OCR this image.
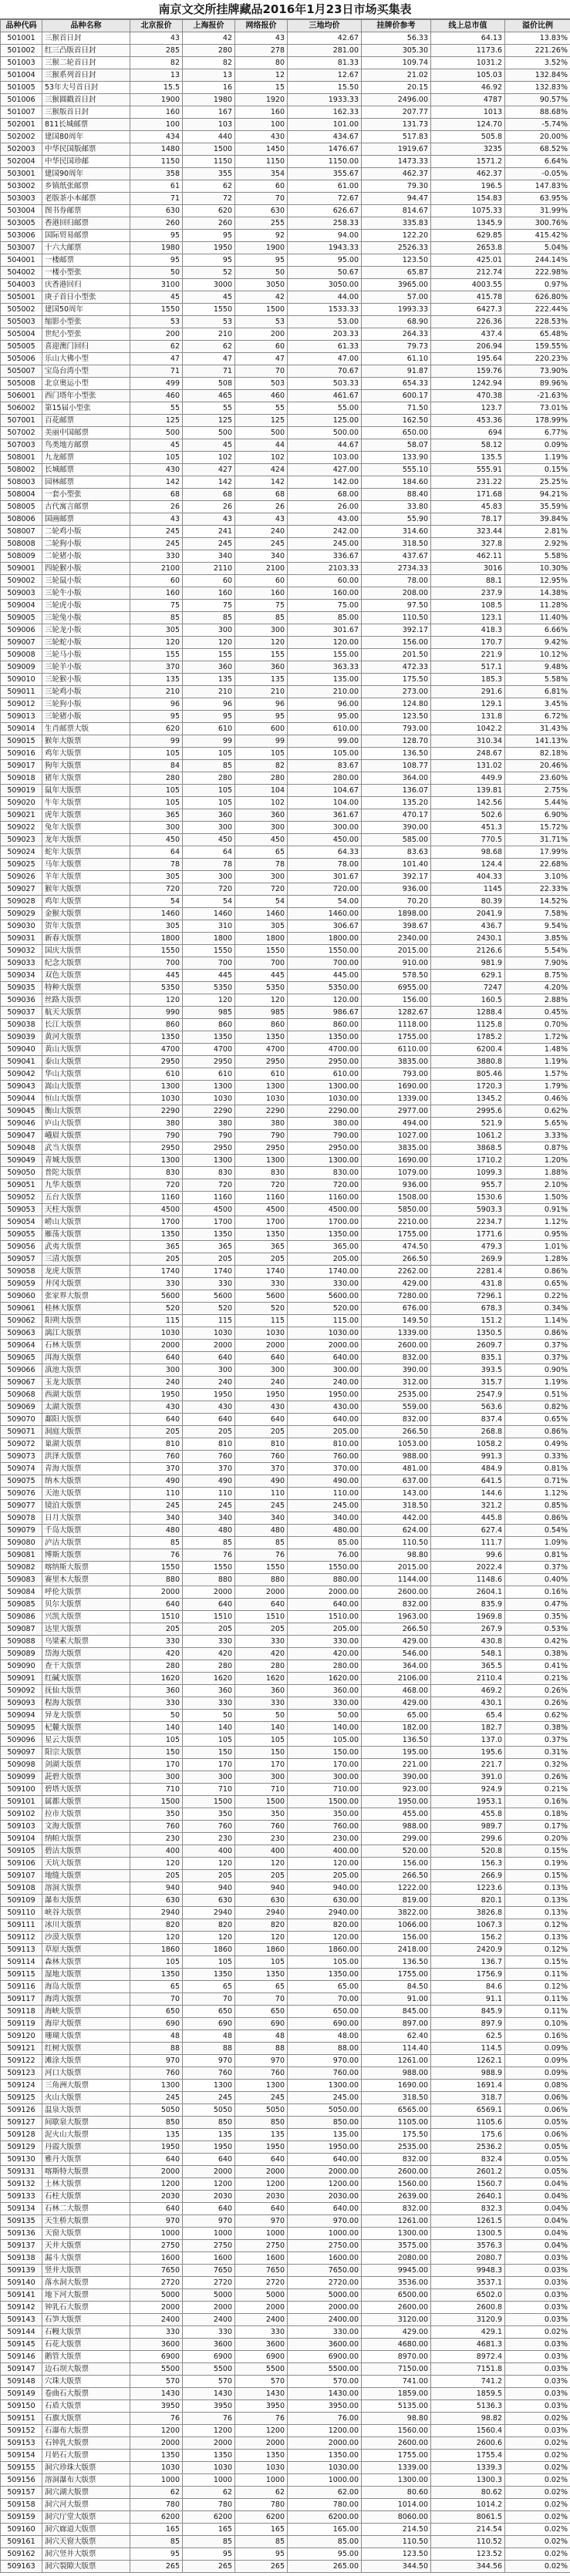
南京文交所挂牌藏品2016年1月23日市场买集表
品种代码	品种名称	北京报价	上海报价	网络报价	三地均价	挂牌价参考	线上总市值	溢价比例
501001	三猴首日封	43	42	43	42.67	56.33	64.13	13.83%
501002	红三凸版首日封	285	280	278	281.00	305.30	1173.6	221.26%
501003	三猴二轮首日封	82	82	80	81.33	109.74	1031.2	3.52%
501004	三猴系列首日封	13	13	12	12.67	21.02	105.03	132.84%
501005	53年大号首日封	15.5	16	15	15.50	20.15	46.92	132.83%
501006	三猴圆戳首日封	1900	1980	1920	1933.33	2496.00	4787	90.57%
501007	三猴版首日封	160	167	160	162.33	207.77	1013	88.68%
502001	811长城邮票	100	103	100	101.00	131.73	124.70	-5.74%
502002	建国80周年	434	440	430	434.67	517.83	505.8	20.00%
502003	中华民国版邮票	1480	1500	1450	1476.67	1919.67	3235	68.52%
502004	中华民国珍邮	1150	1150	1150	1150.00	1473.33	1571.2	6.64%
503001	建国90周年	358	355	354	355.67	462.37	462.37	-0.05%
503002	乡镇纸张邮票	61	62	60	61.00	79.30	196.5	147.83%
503003	老版茶小本邮票	71	72	70	72.67	94.47	154.83	63.95%
503004	图书券邮票	630	620	630	626.67	814.67	1075.33	31.99%
503005	香港回归邮票	260	260	255	258.33	335.83	1345.9	300.76%
503006	国际贸易邮票	95	95	92	94.00	122.20	629.85	415.42%
503007	十六大邮票	1980	1950	1900	1943.33	2526.33	2653.8	5.04%
504001	一楼邮票	95	95	95	95.00	123.50	425.01	244.14%
504002	一楼小型张	50	52	50	50.67	65.87	212.74	222.98%
504003	庆香港回归	3100	3000	3050	3050.00	3965.00	4003.55	0.97%
505001	庚子首日小型张	45	45	42	44.00	57.00	415.78	626.80%
505002	建国50周年	1550	1550	1500	1533.33	1993.33	6427.3	222.44%
505003	缩影小型张	53	53	53	53.00	68.90	226.36	228.53%
505004	世纪小型张	200	210	200	203.33	264.33	437.4	65.48%
505005	喜迎澳门回归	62	62	60	61.33	79.73	206.94	159.55%
505006	乐山大佛小型	47	47	47	47.00	61.10	195.64	220.23%
505007	宝岛台湾小型	71	71	70	70.67	91.87	159.76	73.90%
505008	北京奥运小型	499	508	503	503.33	654.33	1242.94	89.96%
506001	西门塔年小型张	460	465	460	461.67	600.17	470.38	-21.63%
506002	第15届小型张	55	55	55	55.00	71.50	123.7	73.01%
507001	百花邮票	125	125	125	125.00	162.50	453.36	178.99%
507002	美丽中国邮票	500	500	500	500.00	650.00	694	6.77%
507003	鸟类地方邮票	45	45	44	44.67	58.07	58.12	0.09%
508001	九龙邮票	105	102	102	103.00	133.90	135.5	1.19%
508002	长城邮票	430	427	424	427.00	555.10	555.91	0.15%
508003	园林邮票	142	142	142	142.00	184.60	231.22	25.25%
508004	一套小型张	68	68	68	68.00	88.40	171.68	94.21%
508005	古代寓言邮票	26	26	26	26.00	33.80	45.83	35.59%
508006	国画邮票	43	43	43	43.00	55.90	78.17	39.84%
508007	二轮鸡小版	245	241	240	242.00	314.60	323.44	2.81%
508008	二轮狗小版	245	245	245	245.00	318.50	327.8	2.92%
508009	二轮猪小版	330	340	340	336.67	437.67	462.11	5.58%
509001	四轮猴小版	2100	2110	2100	2103.33	2734.33	3016	10.30%
509002	三轮鼠小版	60	60	60	60.00	78.00	88.1	12.95%
509003	三轮牛小版	160	160	160	160.00	208.00	237.9	14.38%
509004	三轮虎小版	75	75	75	75.00	97.50	108.5	11.28%
509005	三轮兔小版	85	85	85	85.00	110.50	123.1	11.40%
509006	三轮龙小版	305	300	300	301.67	392.17	418.3	6.66%
509007	三轮蛇小版	120	120	120	120.00	156.00	170.7	9.42%
509008	三轮马小版	155	155	155	155.00	201.50	221.9	10.12%
509009	三轮羊小版	370	360	360	363.33	472.33	517.1	9.48%
509010	三轮猴小版	135	135	135	135.00	175.50	185.3	5.58%
509011	三轮鸡小版	210	210	210	210.00	273.00	291.6	6.81%
509012	三轮狗小版	96	96	96	96.00	124.80	129.1	3.45%
509013	三轮猪小版	95	95	95	95.00	123.50	131.8	6.72%
509014	生肖邮票大版	620	610	600	610.00	793.00	1042.2	31.43%
509015	猴年大版票	99	99	99	99.00	128.70	310.34	141.13%
509016	鸡年大版票	105	105	105	105.00	136.50	248.67	82.18%
509017	狗年大版票	84	85	82	83.67	108.77	131.02	20.46%
509018	猪年大版票	280	280	280	280.00	364.00	449.9	23.60%
509019	鼠年大版票	105	105	104	104.67	136.07	139.81	2.75%
509020	牛年大版票	105	105	102	104.00	135.20	142.56	5.44%
509021	虎年大版票	365	360	360	361.67	470.17	502.6	6.90%
509022	兔年大版票	300	300	300	300.00	390.00	451.3	15.72%
509023	龙年大版票	450	450	450	450.00	585.00	770.5	31.71%
509024	蛇年大版票	64	64	65	64.33	83.63	98.68	17.99%
509025	马年大版票	78	78	78	78.00	101.40	124.4	22.68%
509026	羊年大版票	305	300	300	301.67	392.17	404.33	3.10%
509027	猴年大版票	720	720	720	720.00	936.00	1145	22.33%
509028	鸡年大版票	54	54	54	54.00	70.20	80.39	14.52%
509029	金猴大版票	1460	1460	1460	1460.00	1898.00	2041.9	7.58%
509030	贺年大版票	305	310	305	306.67	398.67	436.7	9.54%
509031	新春大版票	1800	1800	1800	1800.00	2340.00	2430.1	3.85%
509032	国庆大版票	1550	1550	1550	1550.00	2015.00	2126.6	5.54%
509033	纪念大版票	700	700	700	700.00	910.00	981.9	7.90%
509034	双色大版票	445	445	445	445.00	578.50	629.1	8.75%
509035	特种大版票	5350	5350	5350	5350.00	6955.00	7247	4.20%
509036	丝路大版票	120	120	120	120.00	156.00	160.5	2.88%
509037	航天大版票	990	985	985	986.67	1282.67	1288.4	0.45%
509038	长江大版票	860	860	860	860.00	1118.00	1125.8	0.70%
509039	黄河大版票	1350	1350	1350	1350.00	1755.00	1785.2	1.72%
509040	黄山大版票	4700	4700	4700	4700.00	6110.00	6200.4	1.48%
509041	泰山大版票	2950	2950	2950	2950.00	3835.00	3880.8	1.19%
509042	华山大版票	610	610	610	610.00	793.00	805.46	1.57%
509043	嵩山大版票	1300	1300	1300	1300.00	1690.00	1720.3	1.79%
509044	恒山大版票	1030	1030	1030	1030.00	1339.00	1345.2	0.46%
509045	衡山大版票	2290	2290	2290	2290.00	2977.00	2995.6	0.62%
509046	庐山大版票	380	380	380	380.00	494.00	521.9	5.65%
509047	峨眉大版票	790	790	790	790.00	1027.00	1061.2	3.33%
509048	武当大版票	2950	2950	2950	2950.00	3835.00	3868.5	0.87%
509049	青城大版票	1300	1300	1300	1300.00	1690.00	1710.2	1.20%
509050	普陀大版票	830	830	830	830.00	1079.00	1099.3	1.88%
509051	九华大版票	720	720	720	720.00	936.00	955.7	2.10%
509052	五台大版票	1160	1160	1160	1160.00	1508.00	1530.6	1.50%
509053	天柱大版票	4500	4500	4500	4500.00	5850.00	5903.3	0.91%
509054	崂山大版票	1700	1700	1700	1700.00	2210.00	2234.7	1.12%
509055	雁荡大版票	1350	1350	1350	1350.00	1755.00	1771.6	0.95%
509056	武夷大版票	365	365	365	365.00	474.50	479.3	1.01%
509057	三清大版票	205	205	205	205.00	266.50	269.9	1.28%
509058	龙虎大版票	1740	1740	1740	1740.00	2262.00	2281.4	0.86%
509059	井冈大版票	330	330	330	330.00	429.00	431.8	0.65%
509060	张家界大版票	5600	5600	5600	5600.00	7280.00	7296.1	0.22%
509061	桂林大版票	520	520	520	520.00	676.00	678.3	0.34%
509062	阳朔大版票	115	115	115	115.00	149.50	151.2	1.14%
509063	漓江大版票	1030	1030	1030	1030.00	1339.00	1350.5	0.86%
509064	石林大版票	2000	2000	2000	2000.00	2600.00	2609.7	0.37%
509065	洱海大版票	640	640	640	640.00	832.00	835.1	0.37%
509066	滇池大版票	300	300	300	300.00	390.00	393.5	0.90%
509067	玉龙大版票	240	240	240	240.00	312.00	315.7	1.19%
509068	西湖大版票	1950	1950	1950	1950.00	2535.00	2547.9	0.51%
509069	太湖大版票	430	430	430	430.00	559.00	563.6	0.82%
509070	鄱阳大版票	640	640	640	640.00	832.00	837.4	0.65%
509071	洞庭大版票	205	205	205	205.00	266.50	268.8	0.86%
509072	巢湖大版票	810	810	810	810.00	1053.00	1058.2	0.49%
509073	洪泽大版票	760	760	760	760.00	988.00	991.3	0.33%
509074	青海大版票	370	370	370	370.00	481.00	484.9	0.81%
509075	纳木大版票	490	490	490	490.00	637.00	641.5	0.71%
509076	天池大版票	110	110	110	110.00	143.00	144.6	1.12%
509077	镜泊大版票	245	245	245	245.00	318.50	321.2	0.85%
509078	日月大版票	340	340	340	340.00	442.00	445.8	0.86%
509079	千岛大版票	480	480	480	480.00	624.00	627.4	0.54%
509080	泸沽大版票	85	85	85	85.00	110.50	111.7	1.09%
509081	博斯大版票	76	76	76	76.00	98.80	99.6	0.81%
509082	喀纳斯大版票	1550	1550	1550	1550.00	2015.00	2022.4	0.37%
509083	赛里木大版票	880	880	880	880.00	1144.00	1148.6	0.40%
509084	呼伦大版票	2000	2000	2000	2000.00	2600.00	2604.1	0.16%
509085	贝尔大版票	640	640	640	640.00	832.00	835.9	0.47%
509086	兴凯大版票	1510	1510	1510	1510.00	1963.00	1969.8	0.35%
509087	达里大版票	205	205	205	205.00	266.50	267.9	0.53%
509088	乌梁素大版票	330	330	330	330.00	429.00	430.8	0.42%
509089	岱海大版票	420	420	420	420.00	546.00	548.1	0.38%
509090	查干大版票	280	280	280	280.00	364.00	365.5	0.41%
509091	红碱大版票	1620	1620	1620	1620.00	2106.00	2110.4	0.21%
509092	抚仙大版票	360	360	360	360.00	468.00	469.2	0.26%
509093	程海大版票	330	330	330	330.00	429.00	430.1	0.26%
509094	异龙大版票	50	50	50	50.00	65.00	65.4	0.62%
509095	杞麓大版票	140	140	140	140.00	182.00	182.7	0.38%
509096	星云大版票	105	105	105	105.00	136.50	137.0	0.37%
509097	阳宗大版票	150	150	150	150.00	195.00	195.6	0.31%
509098	剑湖大版票	170	170	170	170.00	221.00	221.7	0.32%
509099	茈碧大版票	300	300	300	300.00	390.00	391.0	0.26%
509100	碧塔大版票	710	710	710	710.00	923.00	924.9	0.21%
509101	属都大版票	1500	1500	1500	1500.00	1950.00	1953.1	0.16%
509102	拉市大版票	350	350	350	350.00	455.00	455.8	0.18%
509103	文海大版票	760	760	760	760.00	988.00	989.7	0.17%
509104	纳帕大版票	230	230	230	230.00	299.00	299.6	0.20%
509105	碧沽大版票	400	400	400	400.00	520.00	520.8	0.15%
509106	天坑大版票	120	120	120	120.00	156.00	156.3	0.19%
509107	地缝大版票	205	205	205	205.00	266.50	266.9	0.15%
509108	溶洞大版票	940	940	940	940.00	1222.00	1223.6	0.13%
509109	瀑布大版票	630	630	630	630.00	819.00	820.1	0.13%
509110	峡谷大版票	2940	2940	2940	2940.00	3822.00	3826.8	0.13%
509111	冰川大版票	820	820	820	820.00	1066.00	1067.3	0.12%
509112	沙漠大版票	120	120	120	120.00	156.00	156.2	0.13%
509113	草原大版票	1860	1860	1860	1860.00	2418.00	2420.9	0.12%
509114	森林大版票	105	105	105	105.00	136.50	136.7	0.15%
509115	湿地大版票	1350	1350	1350	1350.00	1755.00	1756.9	0.11%
509116	海岛大版票	65	65	65	65.00	84.50	84.6	0.12%
509117	海湾大版票	70	70	70	70.00	91.00	91.1	0.11%
509118	海峡大版票	650	650	650	650.00	845.00	845.9	0.11%
509119	海岸大版票	690	690	690	690.00	897.00	897.9	0.10%
509120	珊瑚大版票	48	48	48	48.00	62.40	62.5	0.16%
509121	红树大版票	88	88	88	88.00	114.40	114.5	0.09%
509122	滩涂大版票	970	970	970	970.00	1261.00	1262.1	0.09%
509123	河口大版票	760	760	760	760.00	988.00	988.9	0.09%
509124	三角洲大版票	1300	1300	1300	1300.00	1690.00	1691.4	0.08%
509125	火山大版票	245	245	245	245.00	318.50	318.7	0.06%
509126	温泉大版票	5050	5050	5050	5050.00	6565.00	6569.1	0.06%
509127	间歇泉大版票	850	850	850	850.00	1105.00	1105.6	0.05%
509128	泥火山大版票	135	135	135	135.00	175.50	175.6	0.06%
509129	丹霞大版票	1950	1950	1950	1950.00	2535.00	2536.2	0.05%
509130	雅丹大版票	640	640	640	640.00	832.00	832.4	0.05%
509131	喀斯特大版票	2000	2000	2000	2000.00	2600.00	2601.2	0.05%
509132	土林大版票	1200	1200	1200	1200.00	1560.00	1560.7	0.04%
509133	石柱大版票	2030	2030	2030	2030.00	2639.00	2640.1	0.04%
509134	石林二大版票	640	640	640	640.00	832.00	832.3	0.04%
509135	天生桥大版票	970	970	970	970.00	1261.00	1261.5	0.04%
509136	天窗大版票	1000	1000	1000	1000.00	1300.00	1300.5	0.04%
509137	天井大版票	2750	2750	2750	2750.00	3575.00	3576.3	0.04%
509138	漏斗大版票	1600	1600	1600	1600.00	2080.00	2080.7	0.03%
509139	竖井大版票	7650	7650	7650	7650.00	9945.00	9948.3	0.03%
509140	落水洞大版票	2720	2720	2720	2720.00	3536.00	3537.1	0.03%
509141	地下河大版票	5000	5000	5000	5000.00	6500.00	6502.0	0.03%
509142	钟乳石大版票	2000	2000	2000	2000.00	2600.00	2600.8	0.03%
509143	石笋大版票	2400	2400	2400	2400.00	3120.00	3120.9	0.03%
509144	石幔大版票	330	330	330	330.00	429.00	429.1	0.02%
509145	石花大版票	3600	3600	3600	3600.00	4680.00	4681.3	0.03%
509146	鹅管大版票	6900	6900	6900	6900.00	8970.00	8972.4	0.03%
509147	边石坝大版票	5500	5500	5500	5500.00	7150.00	7151.8	0.03%
509148	穴珠大版票	570	570	570	570.00	741.00	741.2	0.03%
509149	卷曲石大版票	1430	1430	1430	1430.00	1859.00	1859.5	0.03%
509150	石盾大版票	3950	3950	3950	3950.00	5135.00	5136.3	0.03%
509151	石旗大版票	76	76	76	76.00	98.80	98.82	0.02%
509152	石瀑布大版票	1200	1200	1200	1200.00	1560.00	1560.4	0.03%
509153	石钟乳大版票	2000	2000	2000	2000.00	2600.00	2600.6	0.02%
509154	月奶石大版票	1350	1350	1350	1350.00	1755.00	1755.4	0.02%
509155	洞穴珍珠大版票	1030	1030	1030	1030.00	1339.00	1339.3	0.02%
509156	溶洞瀑布大版票	1000	1000	1000	1000.00	1300.00	1300.3	0.02%
509157	洞穴湖大版票	62	62	62	62.00	80.60	80.62	0.02%
509158	洞穴河大版票	780	780	780	780.00	1014.00	1014.2	0.02%
509159	洞穴厅堂大版票	6200	6200	6200	6200.00	8060.00	8061.5	0.02%
509160	洞穴廊道大版票	165	165	165	165.00	214.50	214.54	0.02%
509161	洞穴天窗大版票	85	85	85	85.00	110.50	110.52	0.02%
509162	洞穴竖井大版票	95	95	95	95.00	123.50	123.52	0.02%
509163	洞穴裂隙大版票	265	265	265	265.00	344.50	344.56	0.02%
